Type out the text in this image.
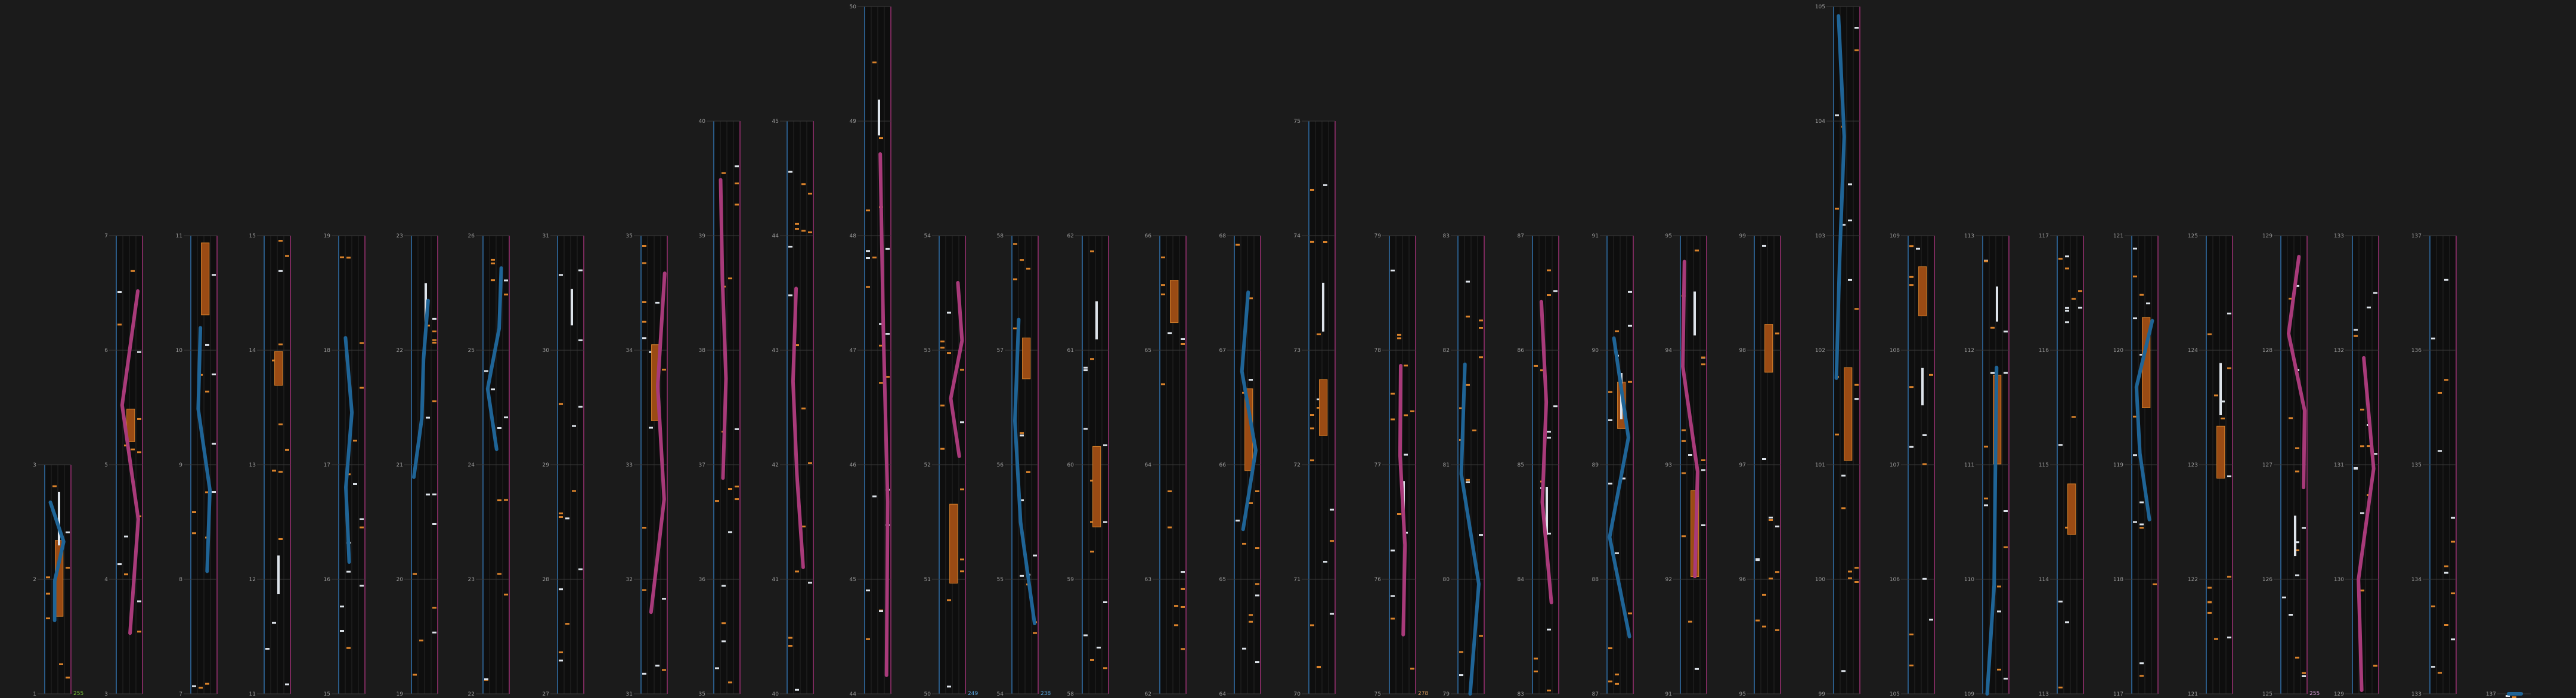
1
2
3
255	3
4
5
6
7
7
8
9
10
11
11
12
13
14
15
15
16
17
18
19
19
20
21
22
23
22
23
24
25
26
27
28
29
30
31
31
32
33
34
35
35
36
37
38
39
40
40
41
42
43
44
45
44
45
46
47
48
49
50
50
51
52
53
54
249	54
55
56
57
58
238	58
59
60
61
62
62
63
64
65
66
64
65
66
67
68
70
71
72
73
74
75
75
76
77
78
79
278	79
80
81
82
83
83
84
85
86
87
87
88
89
90
91
91
92
93
94
95
95
96
97
98
99
99
100
101
102
103
104
105
105
106
107
108
109
109
110
111
112
113
113
114
115
116
117
117
118
119
120
121
121
122
123
124
125
125
126
127
128
129
255	129
130
131
132
133
133
134
135
136
137
137
